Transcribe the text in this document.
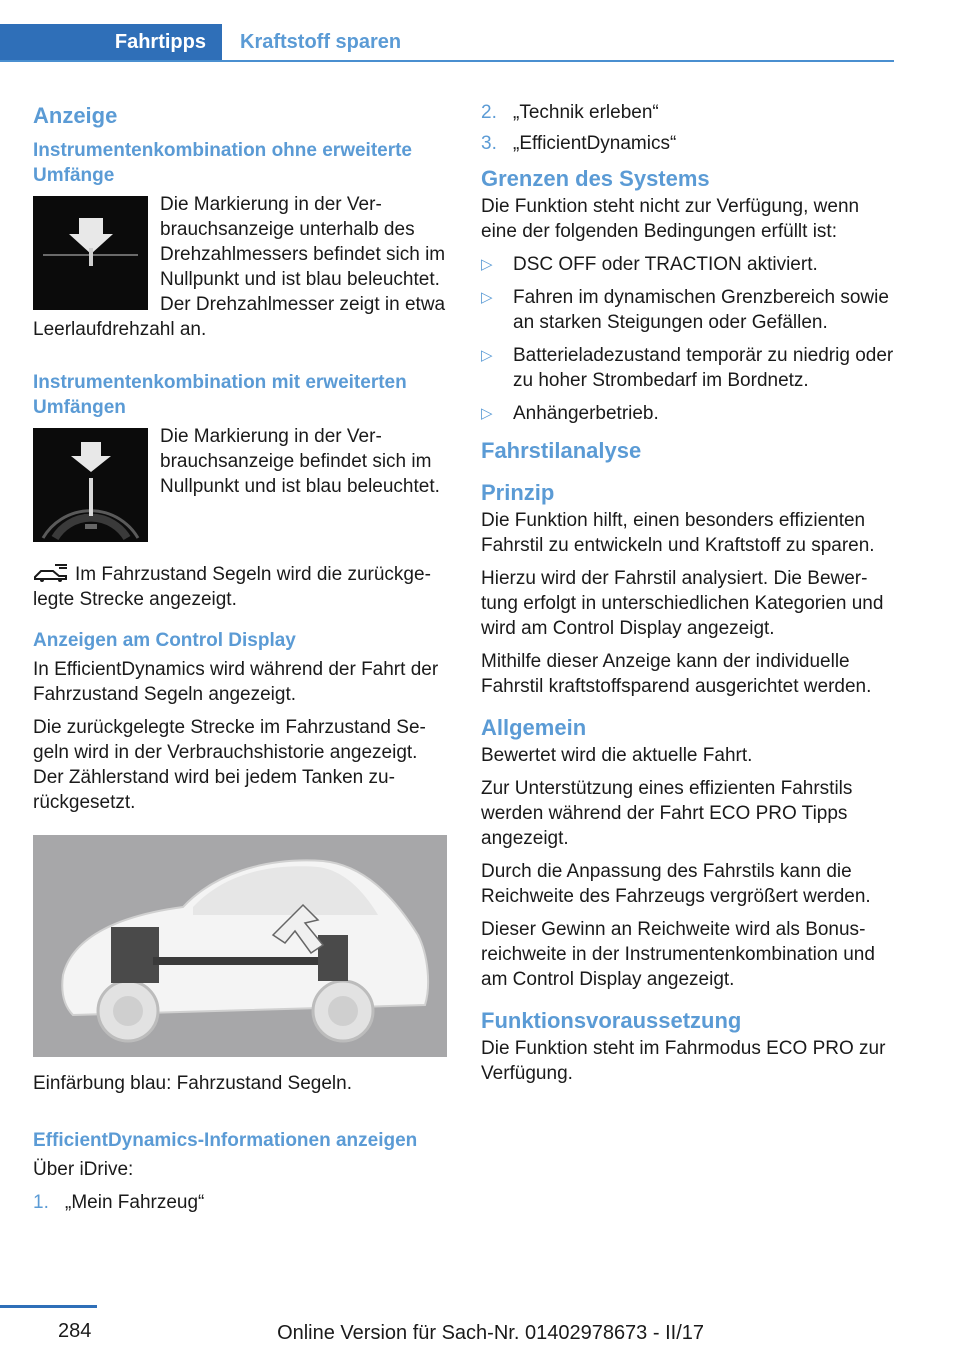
Fahrtipps	Kraftstoff sparen
Anzeige
Instrumentenkombination ohne erweiterte Umfänge

Die Markierung in der Verbrauchsanzeige unterhalb des Drehzahlmessers befindet sich im Nullpunkt und ist blau beleuchtet. Der Drehzahlmesser zeigt in etwa Leerlaufdrehzahl an.

Instrumentenkombination mit erweiterten Umfängen

Die Markierung in der Verbrauchsanzeige befindet sich im Nullpunkt und ist blau beleuchtet.

Im Fahrzustand Segeln wird die zurückgelegte Strecke angezeigt.

Anzeigen am Control Display

In EfficientDynamics wird während der Fahrt der Fahrzustand Segeln angezeigt.

Die zurückgelegte Strecke im Fahrzustand Segeln wird in der Verbrauchshistorie angezeigt. Der Zählerstand wird bei jedem Tanken zurückgesetzt.

Einfärbung blau: Fahrzustand Segeln.

EfficientDynamics-Informationen anzeigen

Über iDrive:

1. „Mein Fahrzeug“
2. „Technik erleben“
3. „EfficientDynamics“
Grenzen des Systems

Die Funktion steht nicht zur Verfügung, wenn eine der folgenden Bedingungen erfüllt ist:

▷	DSC OFF oder TRACTION aktiviert.
▷	Fahren im dynamischen Grenzbereich sowie an starken Steigungen oder Gefällen.
▷	Batterieladezustand temporär zu niedrig oder zu hoher Strombedarf im Bordnetz.
▷	Anhängerbetrieb.
Fahrstilanalyse
Prinzip

Die Funktion hilft, einen besonders effizienten Fahrstil zu entwickeln und Kraftstoff zu sparen.

Hierzu wird der Fahrstil analysiert. Die Bewertung erfolgt in unterschiedlichen Kategorien und wird am Control Display angezeigt.

Mithilfe dieser Anzeige kann der individuelle Fahrstil kraftstoffsparend ausgerichtet werden.

Allgemein

Bewertet wird die aktuelle Fahrt.

Zur Unterstützung eines effizienten Fahrstils werden während der Fahrt ECO PRO Tipps angezeigt.

Durch die Anpassung des Fahrstils kann die Reichweite des Fahrzeugs vergrößert werden.

Dieser Gewinn an Reichweite wird als Bonusreichweite in der Instrumentenkombination und am Control Display angezeigt.

Funktionsvoraussetzung

Die Funktion steht im Fahrmodus ECO PRO zur Verfügung.

284	Online Version für Sach-Nr. 01402978673 - II/17
